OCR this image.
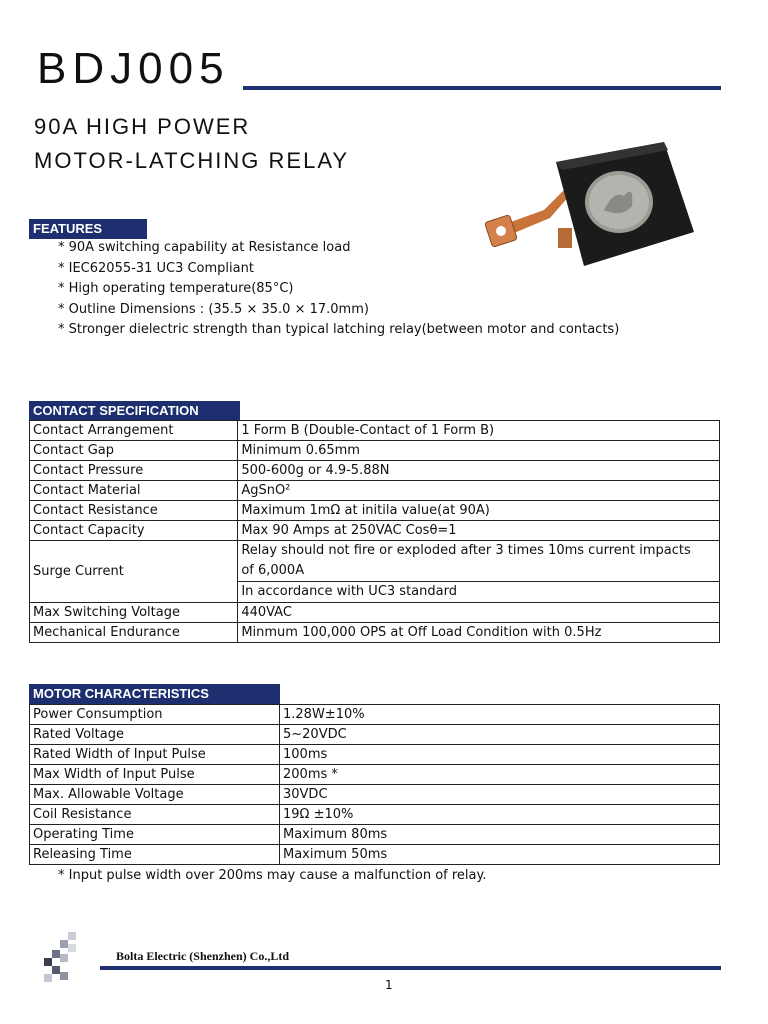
BDJ005
90A HIGH POWER
MOTOR-LATCHING RELAY
FEATURES
* 90A switching capability at Resistance load
* IEC62055-31 UC3 Compliant
* High operating temperature(85°C)
* Outline Dimensions : (35.5 × 35.0 × 17.0mm)
* Stronger dielectric strength than typical latching relay(between motor and contacts)
CONTACT SPECIFICATION
Contact Arrangement	1 Form B (Double-Contact of 1 Form B)
Contact Gap	Minimum 0.65mm
Contact Pressure	500-600g or 4.9-5.88N
Contact Material	AgSnO²
Contact Resistance	Maximum 1mΩ at initila value(at 90A)
Contact Capacity	Max 90 Amps at 250VAC Cosθ=1
Surge Current	Relay should not fire or exploded after 3 times 10ms current impacts
of 6,000A
In accordance with UC3 standard

Max Switching Voltage	440VAC
Mechanical Endurance	Minmum 100,000 OPS at Off Load Condition with 0.5Hz
MOTOR CHARACTERISTICS
Power Consumption	1.28W±10%
Rated Voltage	5~20VDC
Rated Width of Input Pulse	100ms
Max Width of Input Pulse	200ms *
Max. Allowable Voltage	30VDC
Coil Resistance	19Ω ±10%
Operating Time	Maximum 80ms
Releasing Time	Maximum 50ms
* Input pulse width over 200ms may cause a malfunction of relay.
Bolta Electric (Shenzhen) Co.,Ltd
1
